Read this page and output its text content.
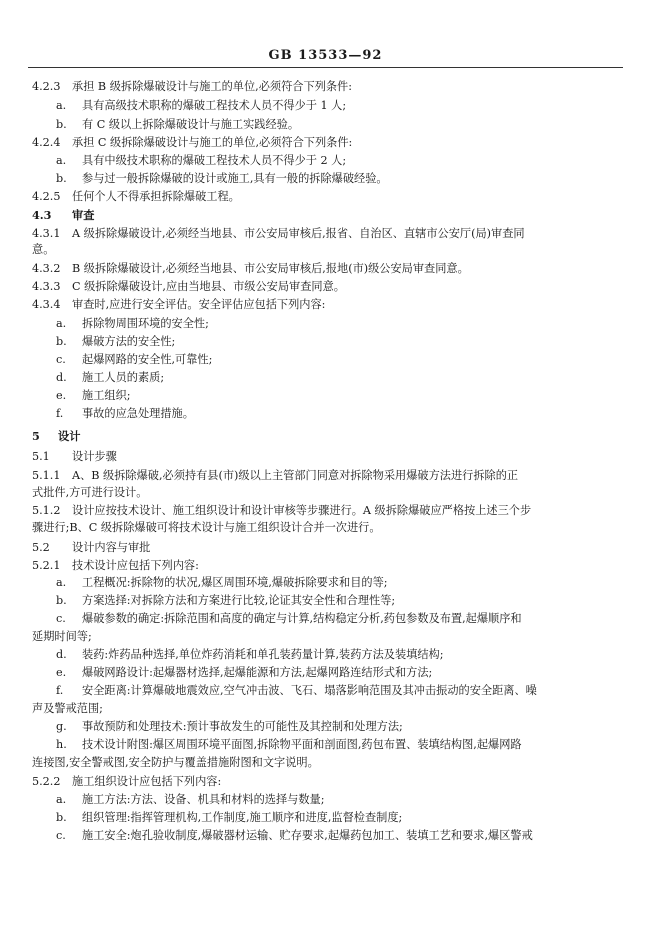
GB 13533—92
4.2.3 承担 B 级拆除爆破设计与施工的单位,必须符合下列条件:
a. 具有高级技术职称的爆破工程技术人员不得少于 1 人;
b. 有 C 级以上拆除爆破设计与施工实践经验。
4.2.4 承担 C 级拆除爆破设计与施工的单位,必须符合下列条件:
a. 具有中级技术职称的爆破工程技术人员不得少于 2 人;
b. 参与过一般拆除爆破的设计或施工,具有一般的拆除爆破经验。
4.2.5 任何个人不得承担拆除爆破工程。
4.3 审查
4.3.1 A 级拆除爆破设计,必须经当地县、市公安局审核后,报省、自治区、直辖市公安厅(局)审查同
意。
4.3.2 B 级拆除爆破设计,必须经当地县、市公安局审核后,报地(市)级公安局审查同意。
4.3.3 C 级拆除爆破设计,应由当地县、市级公安局审查同意。
4.3.4 审查时,应进行安全评估。安全评估应包括下列内容:
a. 拆除物周围环境的安全性;
b. 爆破方法的安全性;
c. 起爆网路的安全性,可靠性;
d. 施工人员的素质;
e. 施工组织;
f. 事故的应急处理措施。
5 设计
5.1 设计步骤
5.1.1 A、B 级拆除爆破,必须持有县(市)级以上主管部门同意对拆除物采用爆破方法进行拆除的正
式批件,方可进行设计。
5.1.2 设计应按技术设计、施工组织设计和设计审核等步骤进行。A 级拆除爆破应严格按上述三个步
骤进行;B、C 级拆除爆破可将技术设计与施工组织设计合并一次进行。
5.2 设计内容与审批
5.2.1 技术设计应包括下列内容:
a. 工程概况:拆除物的状况,爆区周围环境,爆破拆除要求和目的等;
b. 方案选择:对拆除方法和方案进行比较,论证其安全性和合理性等;
c. 爆破参数的确定:拆除范围和高度的确定与计算,结构稳定分析,药包参数及布置,起爆顺序和
延期时间等;
d. 装药:炸药品种选择,单位炸药消耗和单孔装药量计算,装药方法及装填结构;
e. 爆破网路设计:起爆器材选择,起爆能源和方法,起爆网路连结形式和方法;
f. 安全距离:计算爆破地震效应,空气冲击波、飞石、塌落影响范围及其冲击振动的安全距离、噪
声及警戒范围;
g. 事故预防和处理技术:预计事故发生的可能性及其控制和处理方法;
h. 技术设计附图:爆区周围环境平面图,拆除物平面和剖面图,药包布置、装填结构图,起爆网路
连接图,安全警戒图,安全防护与覆盖措施附图和文字说明。
5.2.2 施工组织设计应包括下列内容:
a. 施工方法:方法、设备、机具和材料的选择与数量;
b. 组织管理:指挥管理机构,工作制度,施工顺序和进度,监督检查制度;
c. 施工安全:炮孔验收制度,爆破器材运输、贮存要求,起爆药包加工、装填工艺和要求,爆区警戒
